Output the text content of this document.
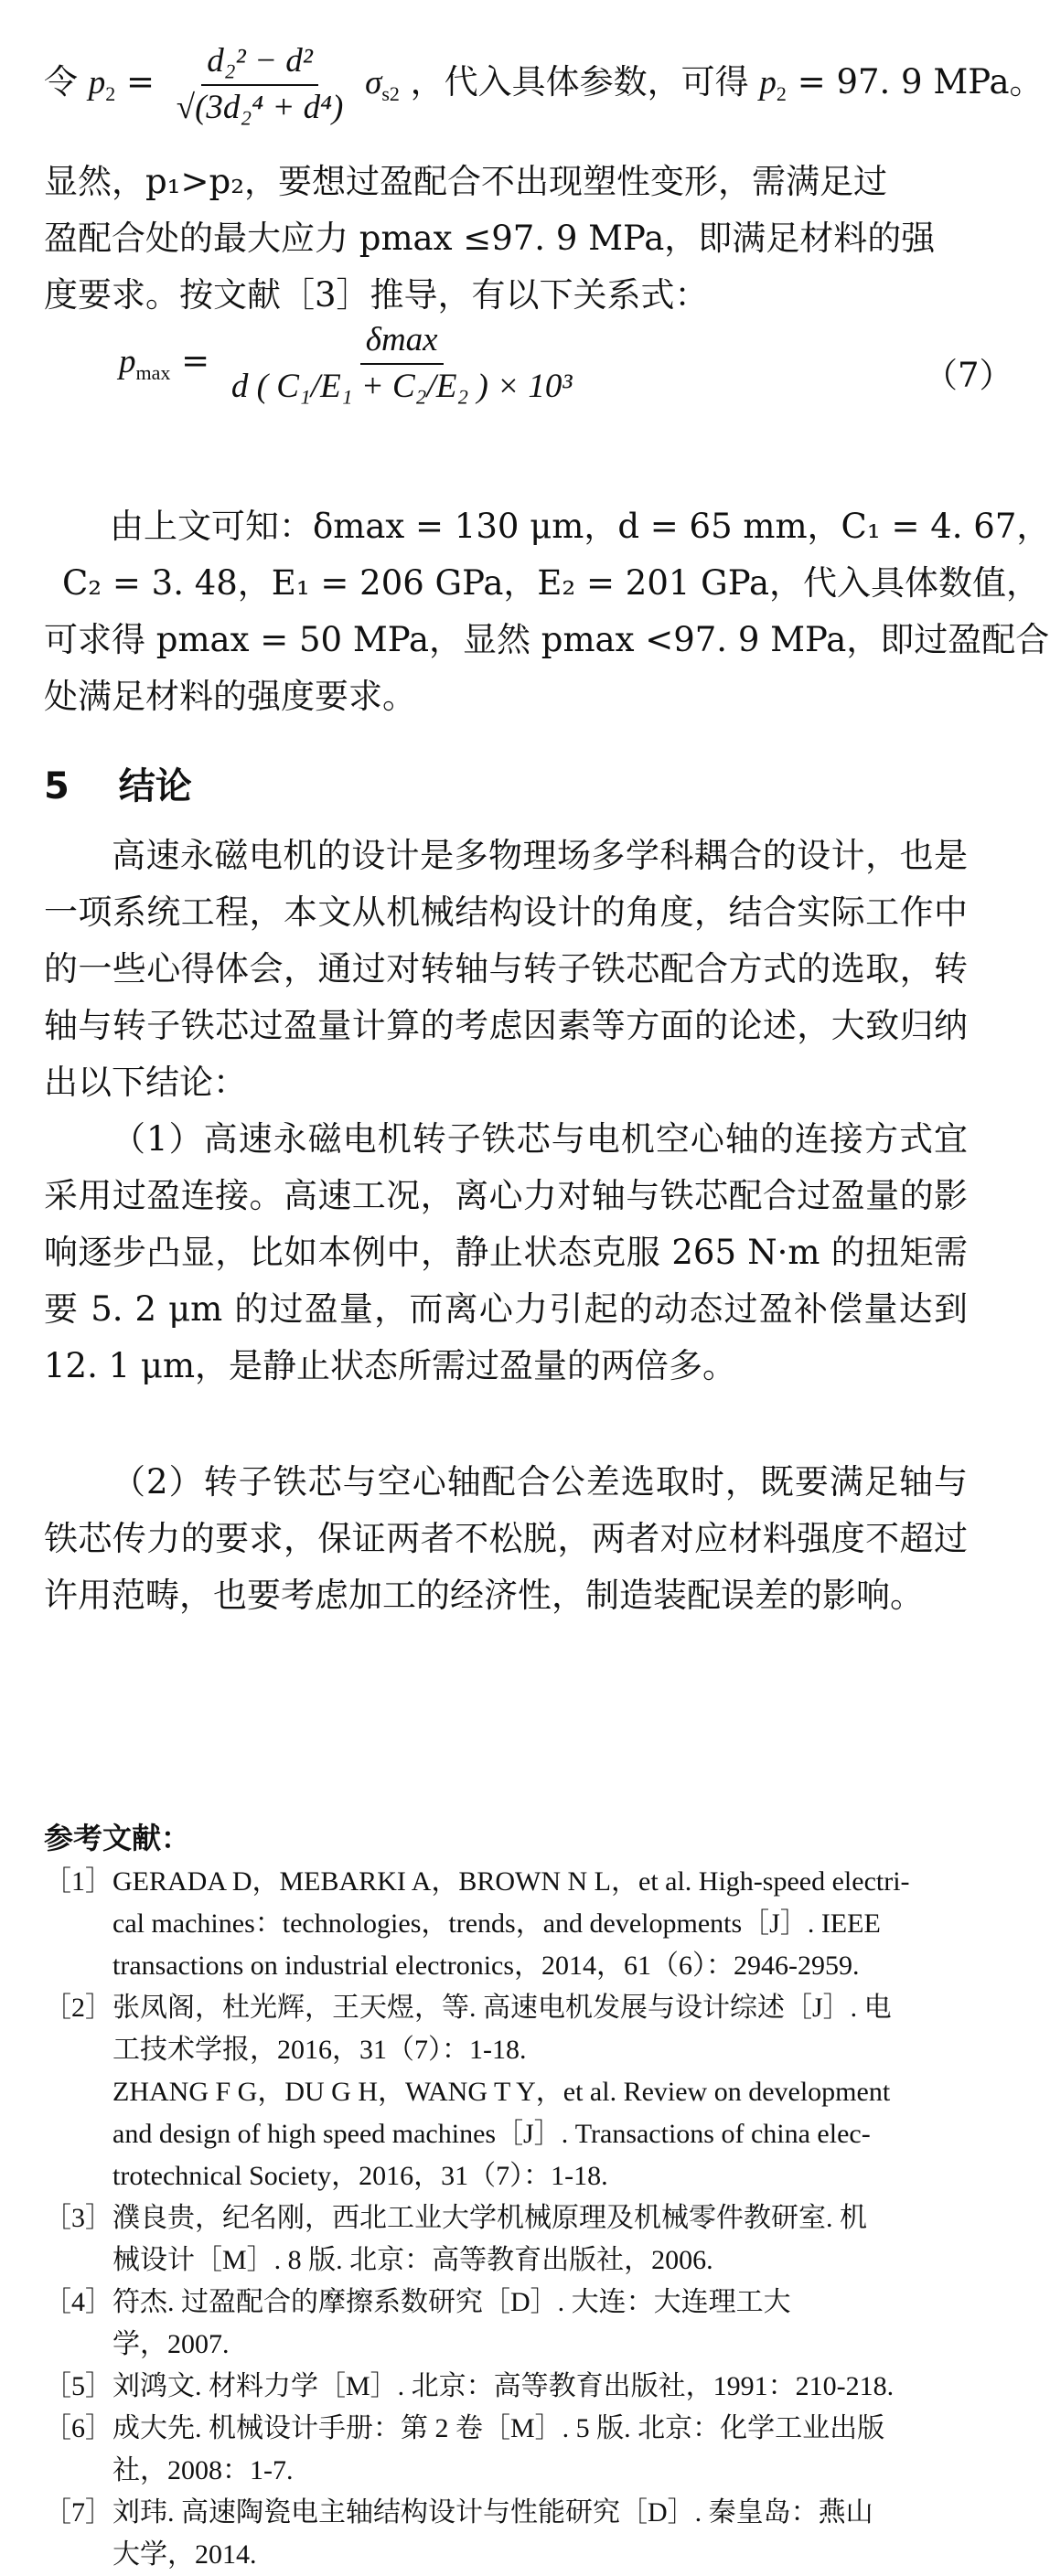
令 $p_2 = \frac{\text{d₂² − d²}}{\text{√(3d₂⁴ + d⁴)}} \sigma_{s2}$ ，代入具体参数，可得 $p_2 = 97$. 9 MPa。
显然，p₁>p₂，要想过盈配合不出现塑性变形，需满足过
盈配合处的最大应力 pmax ≤97. 9 MPa，即满足材料的强
度要求。按文献［3］推导，有以下关系式：
$p_{max} = \frac{\delta\max}{\text{d ( C₁/E₁ + C₂/E₂ ) × 10³}}$	（7）
由上文可知：δmax = 130 μm，d = 65 mm，C₁ = 4. 67，
C₂ = 3. 48，E₁ = 206 GPa，E₂ = 201 GPa，代入具体数值，
可求得 pmax = 50 MPa，显然 pmax <97. 9 MPa，即过盈配合
处满足材料的强度要求。
5 结论

高速永磁电机的设计是多物理场多学科耦合的设计，也是一项系统工程，本文从机械结构设计的角度，结合实际工作中的一些心得体会，通过对转轴与转子铁芯配合方式的选取，转轴与转子铁芯过盈量计算的考虑因素等方面的论述，大致归纳出以下结论：

（1）高速永磁电机转子铁芯与电机空心轴的连接方式宜采用过盈连接。高速工况，离心力对轴与铁芯配合过盈量的影响逐步凸显，比如本例中，静止状态克服 265 N·m 的扭矩需要 5. 2 μm 的过盈量，而离心力引起的动态过盈补偿量达到 12. 1 μm，是静止状态所需过盈量的两倍多。

（2）转子铁芯与空心轴配合公差选取时，既要满足轴与铁芯传力的要求，保证两者不松脱，两者对应材料强度不超过许用范畴，也要考虑加工的经济性，制造装配误差的影响。

参考文献：
［1］ GERADA D，MEBARKI A，BROWN N L，et al. High-speed electri-
cal machines：technologies，trends，and developments［J］. IEEE
transactions on industrial electronics，2014，61（6）：2946-2959.
［2］ 张凤阁，杜光辉，王天煜，等. 高速电机发展与设计综述［J］. 电
工技术学报，2016，31（7）：1-18.
ZHANG F G，DU G H，WANG T Y，et al. Review on development
and design of high speed machines［J］. Transactions of china elec-
trotechnical Society，2016，31（7）：1-18.
［3］ 濮良贵，纪名刚，西北工业大学机械原理及机械零件教研室. 机
械设计［M］. 8 版. 北京：高等教育出版社，2006.
［4］ 符杰. 过盈配合的摩擦系数研究［D］. 大连：大连理工大
学，2007.
［5］ 刘鸿文. 材料力学［M］. 北京：高等教育出版社，1991：210-218.
［6］ 成大先. 机械设计手册：第 2 卷［M］. 5 版. 北京：化学工业出版
社，2008：1-7.
［7］ 刘玮. 高速陶瓷电主轴结构设计与性能研究［D］. 秦皇岛：燕山
大学，2014.
